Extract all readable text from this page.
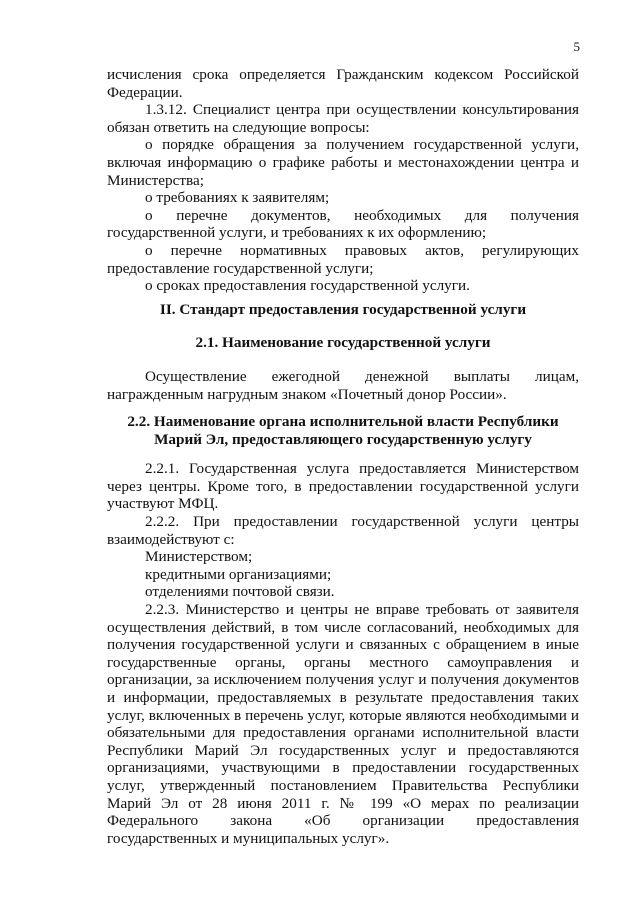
5

исчисления срока определяется Гражданским кодексом Российской Федерации.

1.3.12. Специалист центра при осуществлении консультирования обязан ответить на следующие вопросы:

о порядке обращения за получением государственной услуги, включая информацию о графике работы и местонахождении центра и Министерства;

о требованиях к заявителям;

о перечне документов, необходимых для получения государственной услуги, и требованиях к их оформлению;

о перечне нормативных правовых актов, регулирующих предоставление государственной услуги;

о сроках предоставления государственной услуги.

II. Стандарт предоставления государственной услуги

2.1. Наименование государственной услуги

Осуществление ежегодной денежной выплаты лицам, награжденным нагрудным знаком «Почетный донор России».

2.2. Наименование органа исполнительной власти Республики

Марий Эл, предоставляющего государственную услугу

2.2.1. Государственная услуга предоставляется Министерством через центры. Кроме того, в предоставлении государственной услуги участвуют МФЦ.

2.2.2. При предоставлении государственной услуги центры взаимодействуют с:

Министерством;

кредитными организациями;

отделениями почтовой связи.

2.2.3. Министерство и центры не вправе требовать от заявителя осуществления действий, в том числе согласований, необходимых для получения государственной услуги и связанных с обращением в иные государственные органы, органы местного самоуправления и организации, за исключением получения услуг и получения документов и информации, предоставляемых в результате предоставления таких услуг, включенных в перечень услуг, которые являются необходимыми и обязательными для предоставления органами исполнительной власти Республики Марий Эл государственных услуг и предоставляются организациями, участвующими в предоставлении государственных услуг, утвержденный постановлением Правительства Республики Марий Эл от 28 июня 2011 г. № 199 «О мерах по реализации Федерального закона «Об организации предоставления государственных и муниципальных услуг».
